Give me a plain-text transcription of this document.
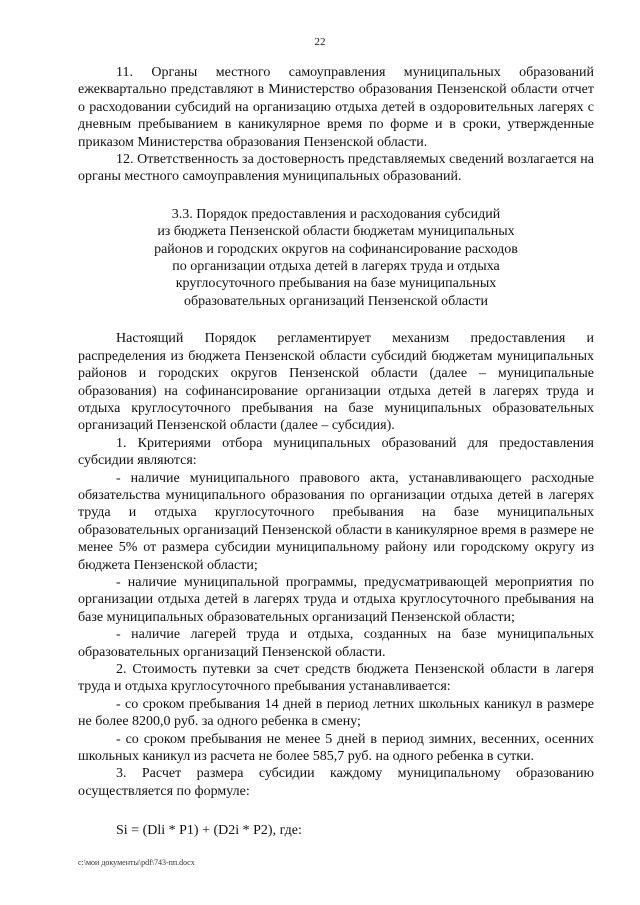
22

11. Органы местного самоуправления муниципальных образований ежеквартально представляют в Министерство образования Пензенской области отчет о расходовании субсидий на организацию отдыха детей в оздоровительных лагерях с дневным пребыванием в каникулярное время по форме и в сроки, утвержденные приказом Министерства образования Пензенской области.

12. Ответственность за достоверность представляемых сведений возлагается на органы местного самоуправления муниципальных образований.

3.3. Порядок предоставления и расходования субсидий
из бюджета Пензенской области бюджетам муниципальных
районов и городских округов на софинансирование расходов
по организации отдыха детей в лагерях труда и отдыха
круглосуточного пребывания на базе муниципальных
образовательных организаций Пензенской области

Настоящий Порядок регламентирует механизм предоставления и распределения из бюджета Пензенской области субсидий бюджетам муниципальных районов и городских округов Пензенской области (далее – муниципальные образования) на софинансирование организации отдыха детей в лагерях труда и отдыха круглосуточного пребывания на базе муниципальных образовательных организаций Пензенской области (далее – субсидия).

1. Критериями отбора муниципальных образований для предоставления субсидии являются:

- наличие муниципального правового акта, устанавливающего расходные обязательства муниципального образования по организации отдыха детей в лагерях труда и отдыха круглосуточного пребывания на базе муниципальных образовательных организаций Пензенской области в каникулярное время в размере не менее 5% от размера субсидии муниципальному району или городскому округу из бюджета Пензенской области;

- наличие муниципальной программы, предусматривающей мероприятия по организации отдыха детей в лагерях труда и отдыха круглосуточного пребывания на базе муниципальных образовательных организаций Пензенской области;

- наличие лагерей труда и отдыха, созданных на базе муниципальных образовательных организаций Пензенской области.

2. Стоимость путевки за счет средств бюджета Пензенской области в лагеря труда и отдыха круглосуточного пребывания устанавливается:

- со сроком пребывания 14 дней в период летних школьных каникул в размере не более 8200,0 руб. за одного ребенка в смену;

- со сроком пребывания не менее 5 дней в период зимних, весенних, осенних школьных каникул из расчета не более 585,7 руб. на одного ребенка в сутки.

3. Расчет размера субсидии каждому муниципальному образованию осуществляется по формуле:

Si = (Dli * P1) + (D2i * P2), где:

c:\мои документы\pdf\743-пп.docx
